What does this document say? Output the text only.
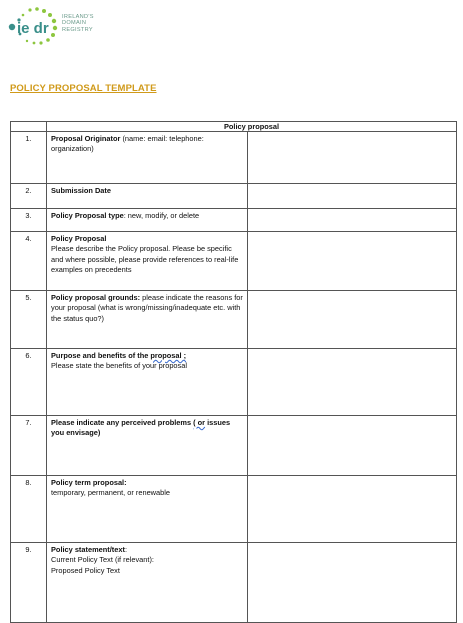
ie dr
IRELAND'S
DOMAIN
REGISTRY
POLICY PROPOSAL TEMPLATE
	Policy proposal	
1.	Proposal Originator (name: email: telephone: organization)	
2.	Submission Date	
3.	Policy Proposal type: new, modify, or delete	
4.	Policy Proposal
Please describe the Policy proposal. Please be specific and where possible, please provide references to real-life examples on precedents	

5.	Policy proposal grounds: please indicate the reasons for your proposal (what is wrong/missing/inadequate etc. with the status quo?)	
6.	Purpose and benefits of the proposal ;
Please state the benefits of your proposal	

7.	Please indicate any perceived problems ( or issues you envisage)	
8.	Policy term proposal:
temporary, permanent, or renewable	

9.	Policy statement/text:
Current Policy Text (if relevant):
Proposed Policy Text	
